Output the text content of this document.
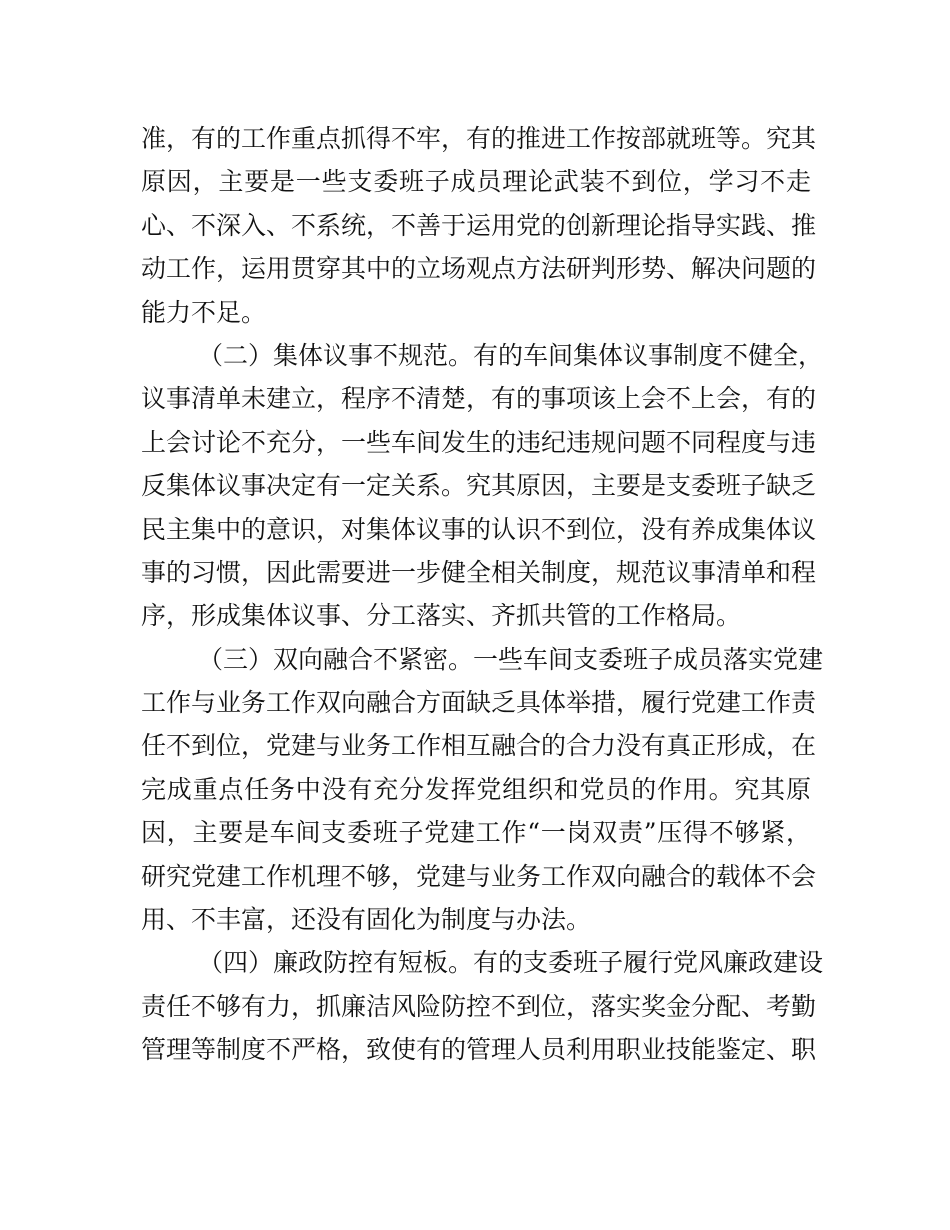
准，有的工作重点抓得不牢，有的推进工作按部就班等。究其
原因，主要是一些支委班子成员理论武装不到位，学习不走
心、不深入、不系统，不善于运用党的创新理论指导实践、推
动工作，运用贯穿其中的立场观点方法研判形势、解决问题的
能力不足。
（二）集体议事不规范。有的车间集体议事制度不健全，
议事清单未建立，程序不清楚，有的事项该上会不上会，有的
上会讨论不充分，一些车间发生的违纪违规问题不同程度与违
反集体议事决定有一定关系。究其原因，主要是支委班子缺乏
民主集中的意识，对集体议事的认识不到位，没有养成集体议
事的习惯，因此需要进一步健全相关制度，规范议事清单和程
序，形成集体议事、分工落实、齐抓共管的工作格局。
（三）双向融合不紧密。一些车间支委班子成员落实党建
工作与业务工作双向融合方面缺乏具体举措，履行党建工作责
任不到位，党建与业务工作相互融合的合力没有真正形成，在
完成重点任务中没有充分发挥党组织和党员的作用。究其原
因，主要是车间支委班子党建工作“一岗双责”压得不够紧，
研究党建工作机理不够，党建与业务工作双向融合的载体不会
用、不丰富，还没有固化为制度与办法。
（四）廉政防控有短板。有的支委班子履行党风廉政建设
责任不够有力，抓廉洁风险防控不到位，落实奖金分配、考勤
管理等制度不严格，致使有的管理人员利用职业技能鉴定、职
